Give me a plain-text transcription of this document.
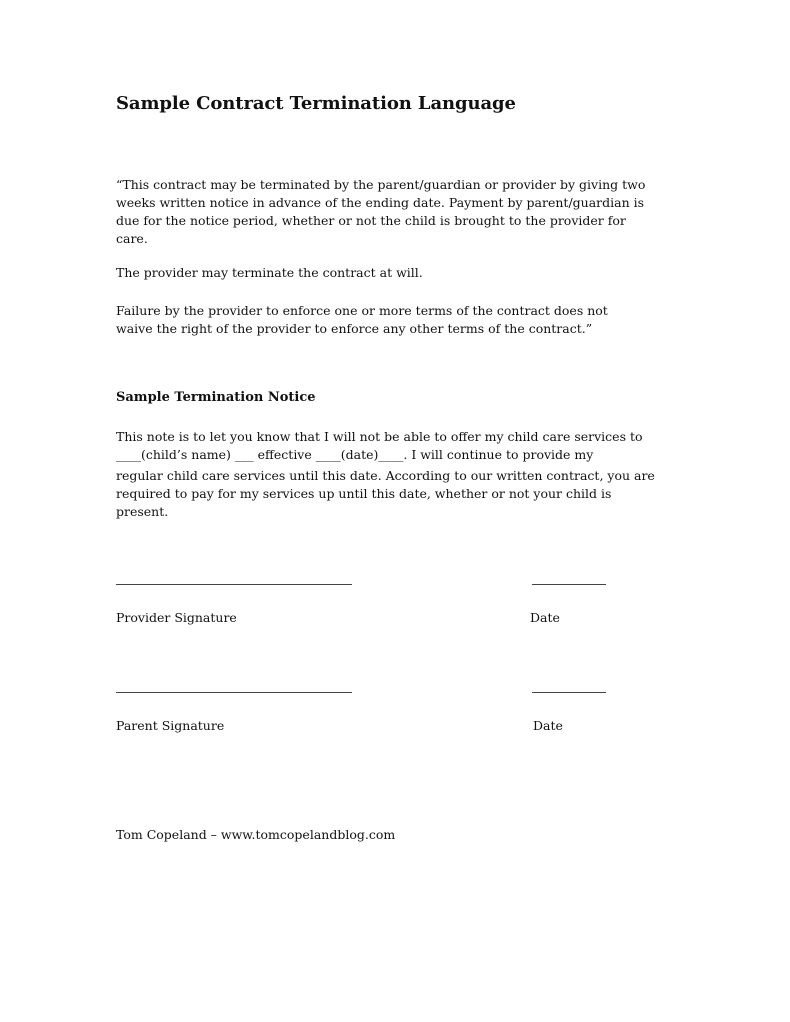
Sample Contract Termination Language
“This contract may be terminated by the parent/guardian or provider by giving two
weeks written notice in advance of the ending date. Payment by parent/guardian is
due for the notice period, whether or not the child is brought to the provider for
care.

The provider may terminate the contract at will.

Failure by the provider to enforce one or more terms of the contract does not
waive the right of the provider to enforce any other terms of the contract.”
Sample Termination Notice
This note is to let you know that I will not be able to offer my child care services to
____(child’s name) ___ effective ____(date)____. I will continue to provide my
regular child care services until this date. According to our written contract, you are
required to pay for my services up until this date, whether or not your child is
present.

Provider Signature	Date

Parent Signature	Date

Tom Copeland – www.tomcopelandblog.com
